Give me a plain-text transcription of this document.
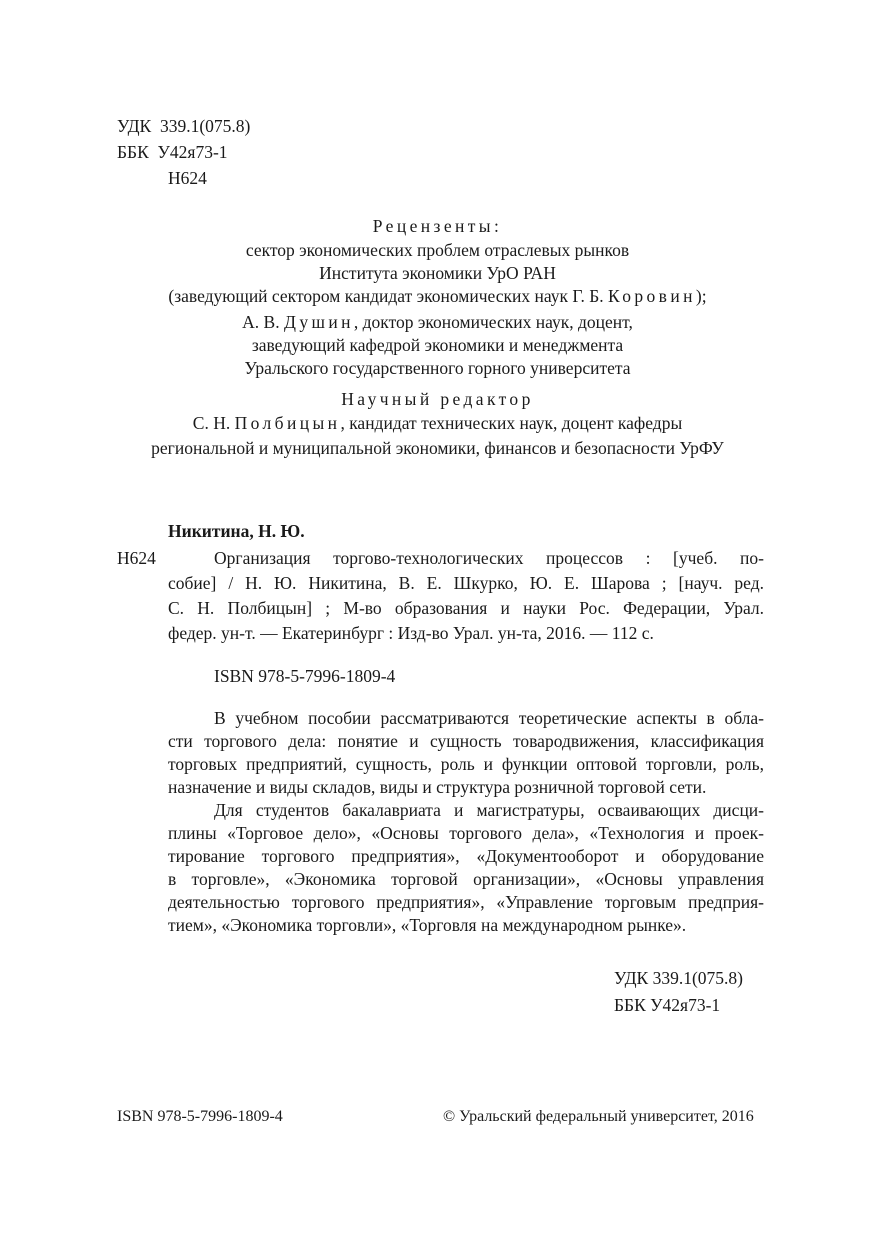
УДК 339.1(075.8)
ББК У42я73-1
Н624
Рецензенты:
сектор экономических проблем отраслевых рынков
Института экономики УрО РАН
(заведующий сектором кандидат экономических наук Г. Б. Коровин);
А. В. Душин, доктор экономических наук, доцент,
заведующий кафедрой экономики и менеджмента
Уральского государственного горного университета
Научный редактор
С. Н. Полбицын, кандидат технических наук, доцент кафедры
региональной и муниципальной экономики, финансов и безопасности УрФУ
Никитина, Н. Ю.
Н624	Организация торгово-технологических процессов : [учеб. по-
собие] / Н. Ю. Никитина, В. Е. Шкурко, Ю. Е. Шарова ; [науч. ред.
С. Н. Полбицын] ; М-во образования и науки Рос. Федерации, Урал.
федер. ун-т. — Екатеринбург : Изд-во Урал. ун-та, 2016. — 112 с.
ISBN 978-5-7996-1809-4
В учебном пособии рассматриваются теоретические аспекты в обла-
сти торгового дела: понятие и сущность товародвижения, классификация
торговых предприятий, сущность, роль и функции оптовой торговли, роль,
назначение и виды складов, виды и структура розничной торговой сети.
Для студентов бакалавриата и магистратуры, осваивающих дисци-
плины «Торговое дело», «Основы торгового дела», «Технология и проек-
тирование торгового предприятия», «Документооборот и оборудование
в торговле», «Экономика торговой организации», «Основы управления
деятельностью торгового предприятия», «Управление торговым предприя-
тием», «Экономика торговли», «Торговля на международном рынке».
УДК 339.1(075.8)
ББК У42я73-1
ISBN 978-5-7996-1809-4	© Уральский федеральный университет, 2016
